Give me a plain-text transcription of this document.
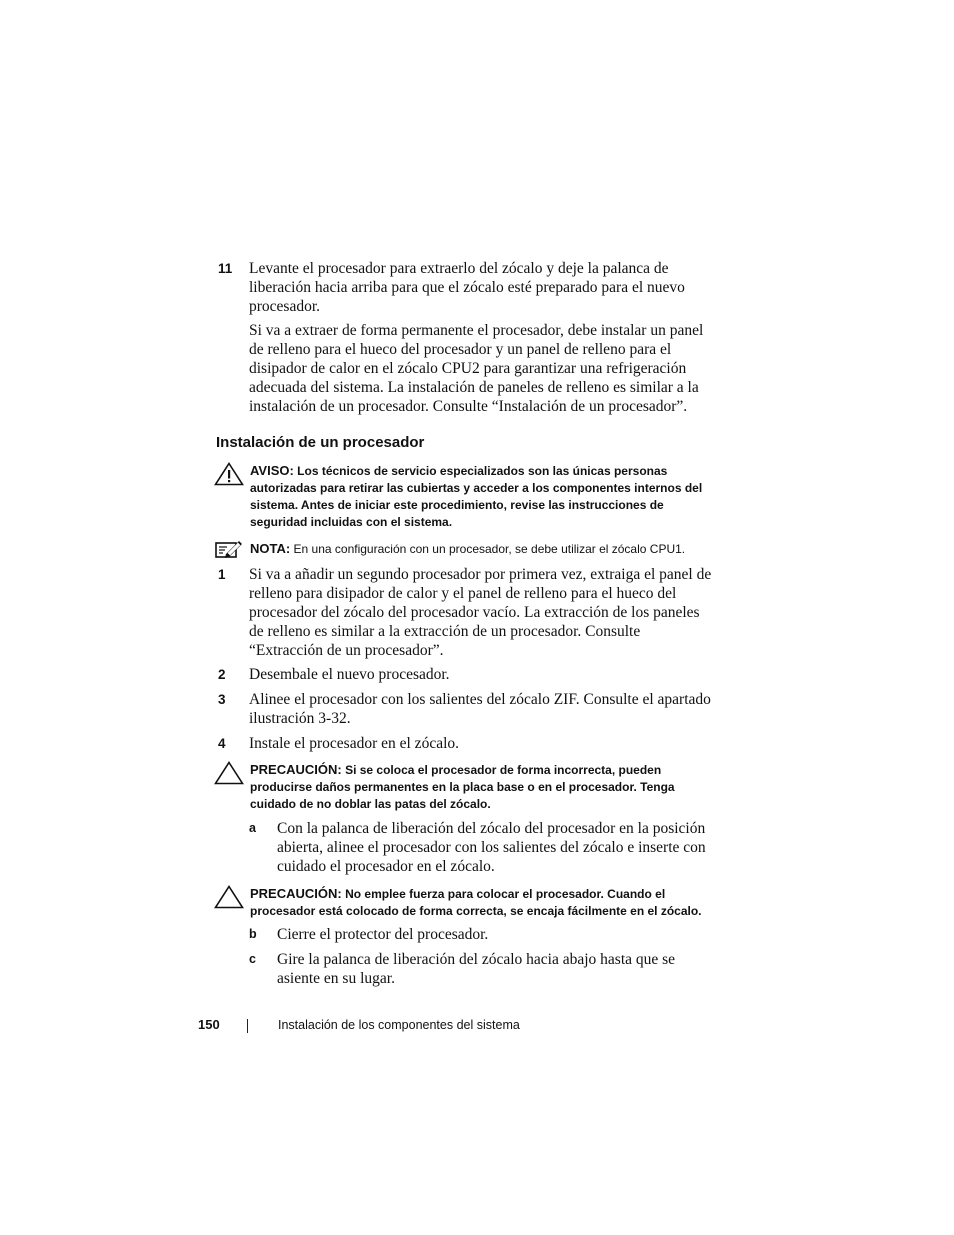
11	Levante el procesador para extraerlo del zócalo y deje la palanca de liberación hacia arriba para que el zócalo esté preparado para el nuevo procesador.
Si va a extraer de forma permanente el procesador, debe instalar un panel de relleno para el hueco del procesador y un panel de relleno para el disipador de calor en el zócalo CPU2 para garantizar una refrigeración adecuada del sistema. La instalación de paneles de relleno es similar a la instalación de un procesador. Consulte “Instalación de un procesador”.
Instalación de un procesador
AVISO: Los técnicos de servicio especializados son las únicas personas autorizadas para retirar las cubiertas y acceder a los componentes internos del sistema. Antes de iniciar este procedimiento, revise las instrucciones de seguridad incluidas con el sistema.
NOTA: En una configuración con un procesador, se debe utilizar el zócalo CPU1.
1	Si va a añadir un segundo procesador por primera vez, extraiga el panel de relleno para disipador de calor y el panel de relleno para el hueco del procesador del zócalo del procesador vacío. La extracción de los paneles de relleno es similar a la extracción de un procesador. Consulte “Extracción de un procesador”.
2	Desembale el nuevo procesador.
3	Alinee el procesador con los salientes del zócalo ZIF. Consulte el apartado ilustración 3-32.
4	Instale el procesador en el zócalo.
PRECAUCIÓN: Si se coloca el procesador de forma incorrecta, pueden producirse daños permanentes en la placa base o en el procesador. Tenga cuidado de no doblar las patas del zócalo.
a Con la palanca de liberación del zócalo del procesador en la posición abierta, alinee el procesador con los salientes del zócalo e inserte con cuidado el procesador en el zócalo.
PRECAUCIÓN: No emplee fuerza para colocar el procesador. Cuando el procesador está colocado de forma correcta, se encaja fácilmente en el zócalo.
b Cierre el protector del procesador.
c Gire la palanca de liberación del zócalo hacia abajo hasta que se asiente en su lugar.
150	Instalación de los componentes del sistema
